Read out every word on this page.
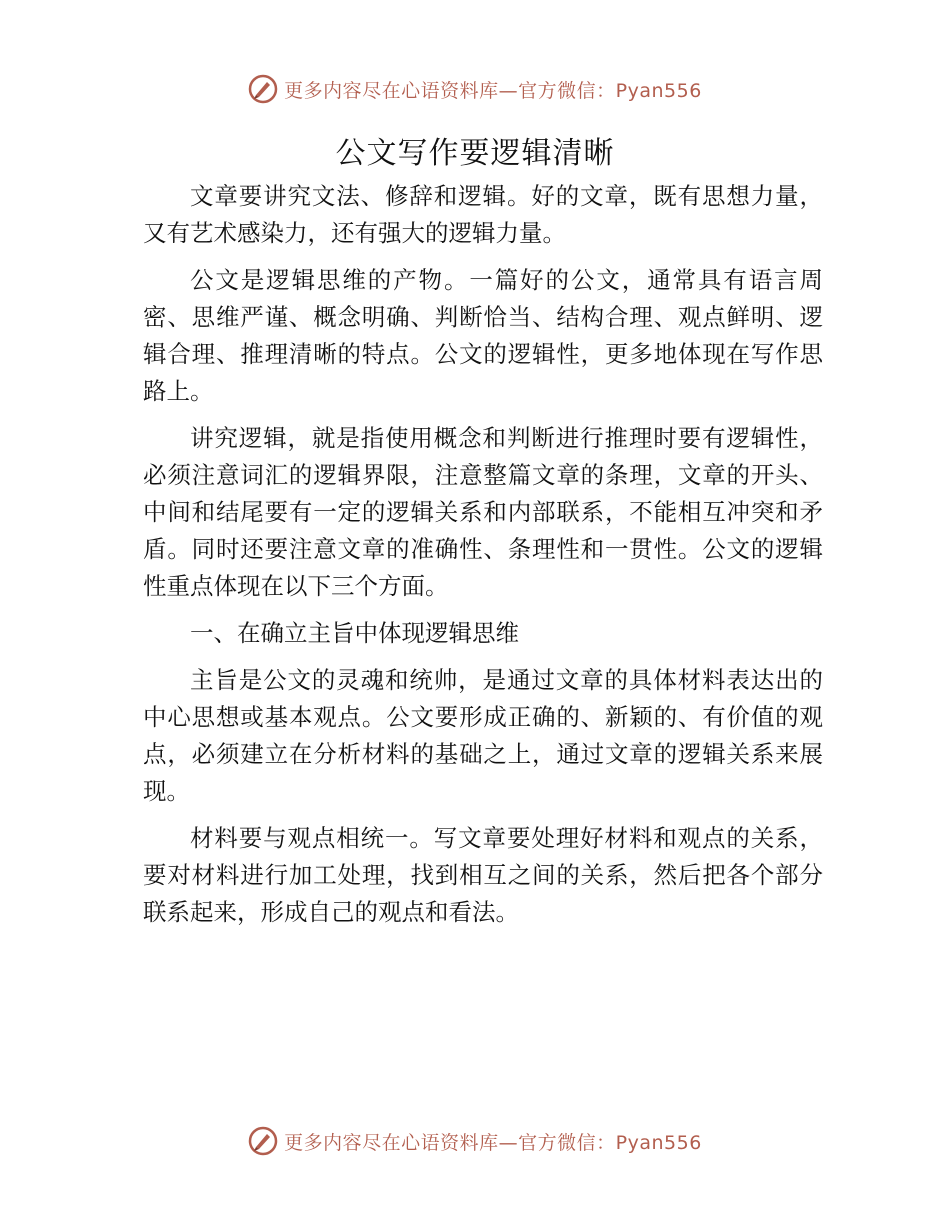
更多内容尽在心语资料库—官方微信：Pyan556
公文写作要逻辑清晰

文章要讲究文法、修辞和逻辑。好的文章，既有思想力量，又有艺术感染力，还有强大的逻辑力量。

公文是逻辑思维的产物。一篇好的公文，通常具有语言周密、思维严谨、概念明确、判断恰当、结构合理、观点鲜明、逻辑合理、推理清晰的特点。公文的逻辑性，更多地体现在写作思路上。

讲究逻辑，就是指使用概念和判断进行推理时要有逻辑性，必须注意词汇的逻辑界限，注意整篇文章的条理，文章的开头、中间和结尾要有一定的逻辑关系和内部联系，不能相互冲突和矛盾。同时还要注意文章的准确性、条理性和一贯性。公文的逻辑性重点体现在以下三个方面。

一、在确立主旨中体现逻辑思维

主旨是公文的灵魂和统帅，是通过文章的具体材料表达出的中心思想或基本观点。公文要形成正确的、新颖的、有价值的观点，必须建立在分析材料的基础之上，通过文章的逻辑关系来展现。

材料要与观点相统一。写文章要处理好材料和观点的关系，要对材料进行加工处理，找到相互之间的关系，然后把各个部分联系起来，形成自己的观点和看法。

更多内容尽在心语资料库—官方微信：Pyan556
